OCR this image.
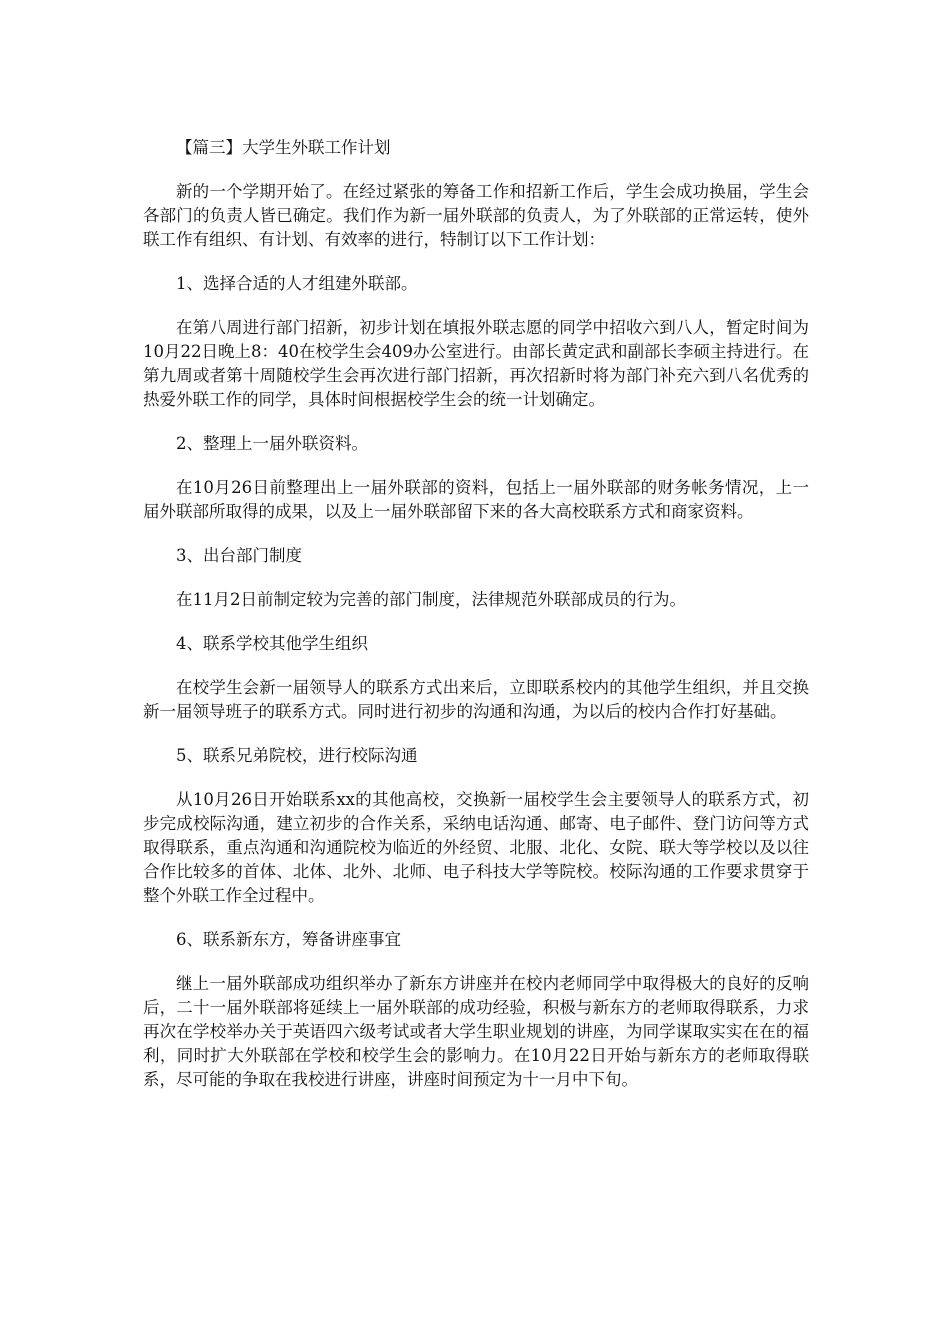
【篇三】大学生外联工作计划

新的一个学期开始了。在经过紧张的筹备工作和招新工作后，学生会成功换届，学生会各部门的负责人皆已确定。我们作为新一届外联部的负责人，为了外联部的正常运转，使外联工作有组织、有计划、有效率的进行，特制订以下工作计划：

1、选择合适的人才组建外联部。

在第八周进行部门招新，初步计划在填报外联志愿的同学中招收六到八人，暂定时间为10月22日晚上8：40在校学生会409办公室进行。由部长黄定武和副部长李硕主持进行。在第九周或者第十周随校学生会再次进行部门招新，再次招新时将为部门补充六到八名优秀的热爱外联工作的同学，具体时间根据校学生会的统一计划确定。

2、整理上一届外联资料。

在10月26日前整理出上一届外联部的资料，包括上一届外联部的财务帐务情况，上一届外联部所取得的成果，以及上一届外联部留下来的各大高校联系方式和商家资料。

3、出台部门制度

在11月2日前制定较为完善的部门制度，法律规范外联部成员的行为。

4、联系学校其他学生组织

在校学生会新一届领导人的联系方式出来后，立即联系校内的其他学生组织，并且交换新一届领导班子的联系方式。同时进行初步的沟通和沟通，为以后的校内合作打好基础。

5、联系兄弟院校，进行校际沟通

从10月26日开始联系xx的其他高校，交换新一届校学生会主要领导人的联系方式，初步完成校际沟通，建立初步的合作关系，采纳电话沟通、邮寄、电子邮件、登门访问等方式取得联系，重点沟通和沟通院校为临近的外经贸、北服、北化、女院、联大等学校以及以往合作比较多的首体、北体、北外、北师、电子科技大学等院校。校际沟通的工作要求贯穿于整个外联工作全过程中。

6、联系新东方，筹备讲座事宜

继上一届外联部成功组织举办了新东方讲座并在校内老师同学中取得极大的良好的反响后，二十一届外联部将延续上一届外联部的成功经验，积极与新东方的老师取得联系，力求再次在学校举办关于英语四六级考试或者大学生职业规划的讲座，为同学谋取实实在在的福利，同时扩大外联部在学校和校学生会的影响力。在10月22日开始与新东方的老师取得联系，尽可能的争取在我校进行讲座，讲座时间预定为十一月中下旬。
